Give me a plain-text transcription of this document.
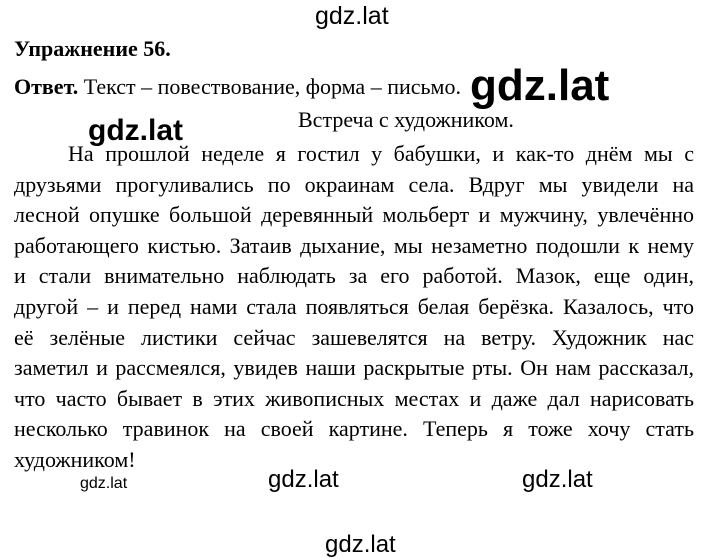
Упражнение 56.
Ответ. Текст – повествование, форма – письмо.
Встреча с художником.
На прошлой неделе я гостил у бабушки, и как-то днём мы с
друзьями прогуливались по окраинам села. Вдруг мы увидели на
лесной опушке большой деревянный мольберт и мужчину, увлечённо
работающего кистью. Затаив дыхание, мы незаметно подошли к нему
и стали внимательно наблюдать за его работой. Мазок, еще один,
другой – и перед нами стала появляться белая берёзка. Казалось, что
её зелёные листики сейчас зашевелятся на ветру. Художник нас
заметил и рассмеялся, увидев наши раскрытые рты. Он нам рассказал,
что часто бывает в этих живописных местах и даже дал нарисовать
несколько травинок на своей картине. Теперь я тоже хочу стать
художником!
gdz.lat
gdz.lat
gdz.lat
gdz.lat	gdz.lat	gdz.lat
gdz.lat
